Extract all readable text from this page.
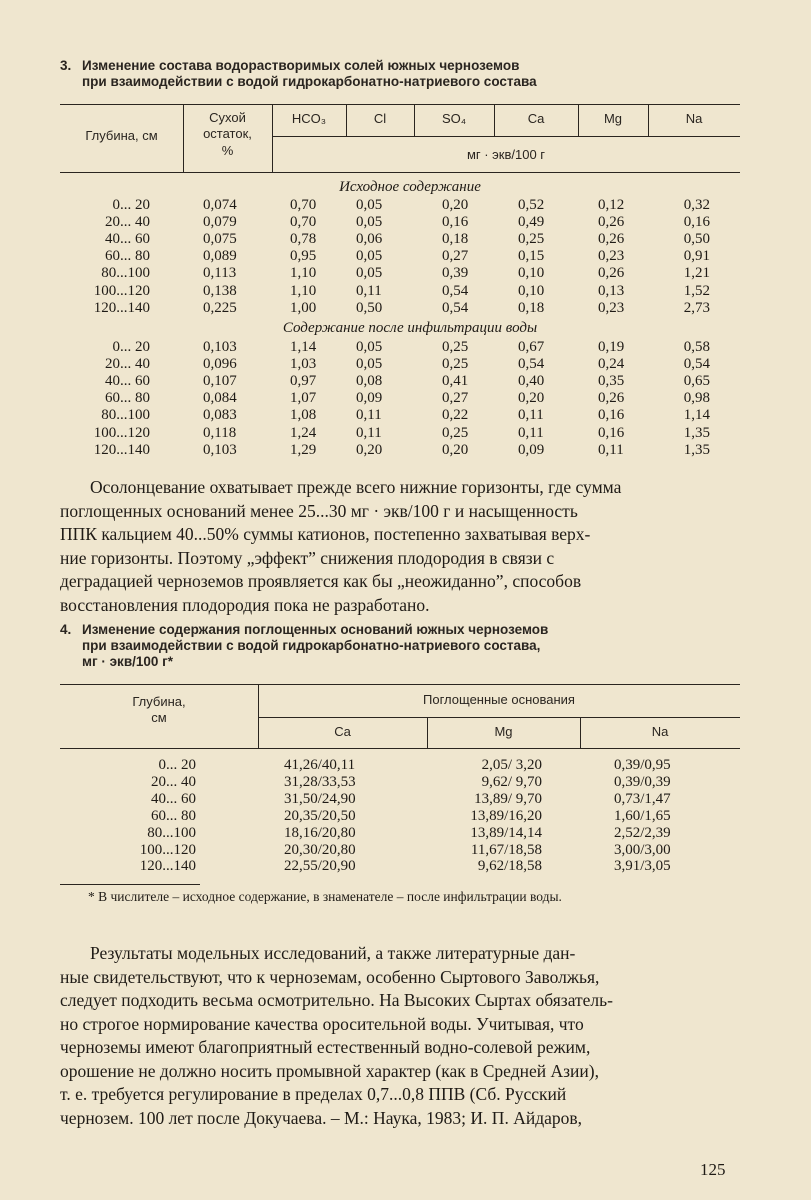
3. Изменение состава водорастворимых солей южных черноземов
при взаимодействии с водой гидрокарбонатно-натриевого состава
Глубина, см
Сухой
остаток,
%
HCO₃	Cl	SO₄	Ca	Mg	Na
мг · экв/100 г
Исходное содержание
0... 20	0,074	0,70	0,05	0,20	0,52	0,12	0,32
20... 40	0,079	0,70	0,05	0,16	0,49	0,26	0,16
40... 60	0,075	0,78	0,06	0,18	0,25	0,26	0,50
60... 80	0,089	0,95	0,05	0,27	0,15	0,23	0,91
80...100	0,113	1,10	0,05	0,39	0,10	0,26	1,21
100...120	0,138	1,10	0,11	0,54	0,10	0,13	1,52
120...140	0,225	1,00	0,50	0,54	0,18	0,23	2,73
Содержание после инфильтрации воды
0... 20	0,103	1,14	0,05	0,25	0,67	0,19	0,58
20... 40	0,096	1,03	0,05	0,25	0,54	0,24	0,54
40... 60	0,107	0,97	0,08	0,41	0,40	0,35	0,65
60... 80	0,084	1,07	0,09	0,27	0,20	0,26	0,98
80...100	0,083	1,08	0,11	0,22	0,11	0,16	1,14
100...120	0,118	1,24	0,11	0,25	0,11	0,16	1,35
120...140	0,103	1,29	0,20	0,20	0,09	0,11	1,35

Осолонцевание охватывает прежде всего нижние горизонты, где сумма

поглощенных оснований менее 25...30 мг · экв/100 г и насыщенность

ППК кальцием 40...50% суммы катионов, постепенно захватывая верх-

ние горизонты. Поэтому „эффект” снижения плодородия в связи с

деградацией черноземов проявляется как бы „неожиданно”, способов

восстановления плодородия пока не разработано.

4. Изменение содержания поглощенных оснований южных черноземов
при взаимодействии с водой гидрокарбонатно-натриевого состава,
мг · экв/100 г*
Глубина,
см
Поглощенные основания
Ca	Mg	Na
0... 20	41,26/40,11	2,05/ 3,20	0,39/0,95
20... 40	31,28/33,53	9,62/ 9,70	0,39/0,39
40... 60	31,50/24,90	13,89/ 9,70	0,73/1,47
60... 80	20,35/20,50	13,89/16,20	1,60/1,65
80...100	18,16/20,80	13,89/14,14	2,52/2,39
100...120	20,30/20,80	11,67/18,58	3,00/3,00
120...140	22,55/20,90	9,62/18,58	3,91/3,05
* В числителе – исходное содержание, в знаменателе – после инфильтрации воды.

Результаты модельных исследований, а также литературные дан-

ные свидетельствуют, что к черноземам, особенно Сыртового Заволжья,

следует подходить весьма осмотрительно. На Высоких Сыртах обязатель-

но строгое нормирование качества оросительной воды. Учитывая, что

черноземы имеют благоприятный естественный водно-солевой режим,

орошение не должно носить промывной характер (как в Средней Азии),

т. е. требуется регулирование в пределах 0,7...0,8 ППВ (Сб. Русский

чернозем. 100 лет после Докучаева. – М.: Наука, 1983; И. П. Айдаров,

125
